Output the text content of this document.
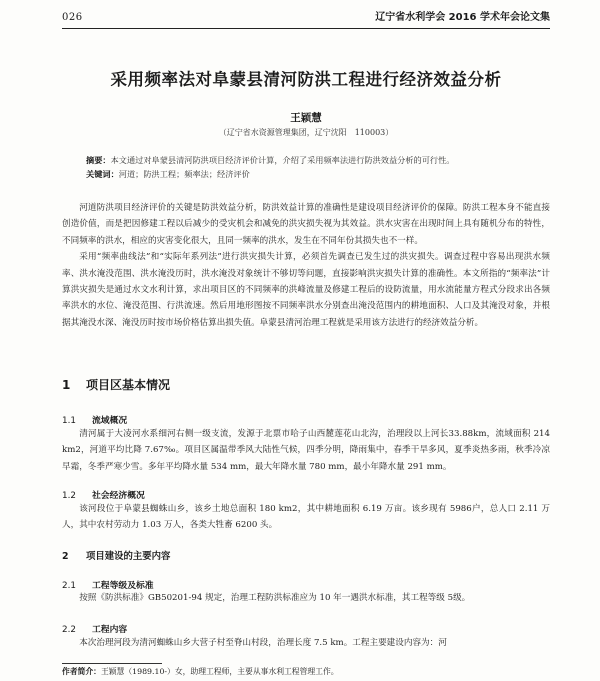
026	辽宁省水利学会 2016 学术年会论文集
采用频率法对阜蒙县清河防洪工程进行经济效益分析
王颖慧
（辽宁省水资源管理集团，辽宁沈阳　110003）
摘要：本文通过对阜蒙县清河防洪项目经济评价计算，介绍了采用频率法进行防洪效益分析的可行性。
关键词：河道；防洪工程；频率法；经济评价

河道防洪项目经济评价的关键是防洪效益分析，防洪效益计算的准确性是建设项目经济评价的保障。防洪工程本身不能直接创造价值，而是把因修建工程以后减少的受灾机会和减免的洪灾损失视为其效益。洪水灾害在出现时间上具有随机分布的特性，不同频率的洪水，相应的灾害变化很大，且同一频率的洪水，发生在不同年份其损失也不一样。

采用“频率曲线法”和“实际年系列法”进行洪灾损失计算，必须首先调查已发生过的洪灾损失。调查过程中容易出现洪水频率、洪水淹没范围、洪水淹没历时，洪水淹没对象统计不够切等问题，直接影响洪灾损失计算的准确性。本文所指的“频率法”计算洪灾损失是通过水文水利计算，求出项目区的不同频率的洪峰流量及修建工程后的设防流量，用水流能量方程式分段求出各频率洪水的水位、淹没范围、行洪流速。然后用地形图按不同频率洪水分别查出淹没范围内的耕地面积、人口及其淹没对象，并根据其淹没水深、淹没历时按市场价格估算出损失值。阜蒙县清河治理工程就是采用该方法进行的经济效益分析。

1 项目区基本情况
1.1 流域概况

清河属于大凌河水系细河右侧一级支流，发源于北票市哈子山西麓莲花山北沟，治理段以上河长33.88km，流域面积 214 km2，河道平均比降 7.67‰。项目区属温带季风大陆性气候，四季分明，降雨集中，春季干旱多风，夏季炎热多雨，秋季冷凉早霜，冬季严寒少雪。多年平均降水量 534 mm，最大年降水量 780 mm，最小年降水量 291 mm。

1.2 社会经济概况

该河段位于阜蒙县蜘蛛山乡，该乡土地总面积 180 km2，其中耕地面积 6.19 万亩。该乡现有 5986户，总人口 2.11 万人，其中农村劳动力 1.03 万人，各类大牲畜 6200 头。

2 项目建设的主要内容
2.1 工程等级及标准

按照《防洪标准》GB50201-94 规定，治理工程防洪标准应为 10 年一遇洪水标准，其工程等级 5级。

2.2 工程内容

本次治理河段为清河蜘蛛山乡大营子村至脊山村段，治理长度 7.5 km。工程主要建设内容为：河

作者简介：王颖慧（1989.10-）女，助理工程师，主要从事水利工程管理工作。
